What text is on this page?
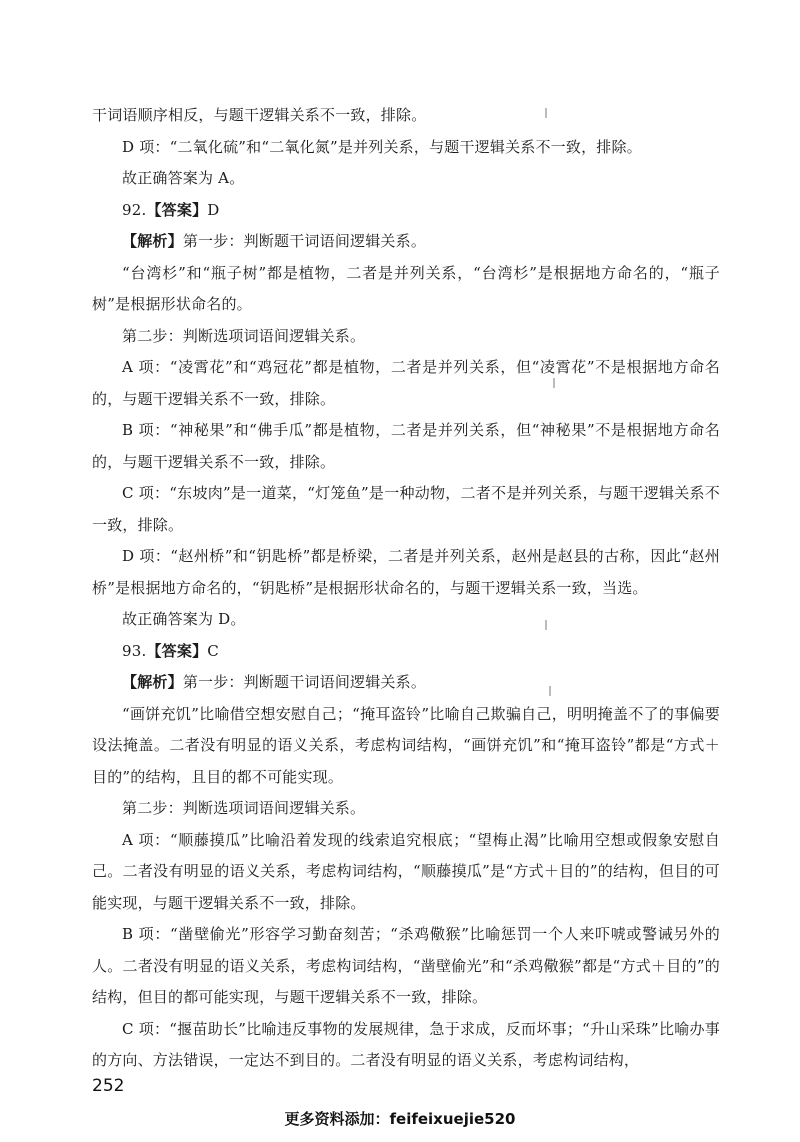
干词语顺序相反，与题干逻辑关系不一致，排除。

D 项：“二氧化硫”和“二氧化氮”是并列关系，与题干逻辑关系不一致，排除。

故正确答案为 A。

92.【答案】D

【解析】第一步：判断题干词语间逻辑关系。

“台湾杉”和“瓶子树”都是植物，二者是并列关系，“台湾杉”是根据地方命名的，“瓶子树”是根据形状命名的。

第二步：判断选项词语间逻辑关系。

A 项：“凌霄花”和“鸡冠花”都是植物，二者是并列关系，但“凌霄花”不是根据地方命名的，与题干逻辑关系不一致，排除。

B 项：“神秘果”和“佛手瓜”都是植物，二者是并列关系，但“神秘果”不是根据地方命名的，与题干逻辑关系不一致，排除。

C 项：“东坡肉”是一道菜，“灯笼鱼”是一种动物，二者不是并列关系，与题干逻辑关系不一致，排除。

D 项：“赵州桥”和“钥匙桥”都是桥梁，二者是并列关系，赵州是赵县的古称，因此“赵州桥”是根据地方命名的，“钥匙桥”是根据形状命名的，与题干逻辑关系一致，当选。

故正确答案为 D。

93.【答案】C

【解析】第一步：判断题干词语间逻辑关系。

“画饼充饥”比喻借空想安慰自己；“掩耳盗铃”比喻自己欺骗自己，明明掩盖不了的事偏要设法掩盖。二者没有明显的语义关系，考虑构词结构，“画饼充饥”和“掩耳盗铃”都是“方式＋目的”的结构，且目的都不可能实现。

第二步：判断选项词语间逻辑关系。

A 项：“顺藤摸瓜”比喻沿着发现的线索追究根底；“望梅止渴”比喻用空想或假象安慰自己。二者没有明显的语义关系，考虑构词结构，“顺藤摸瓜”是“方式＋目的”的结构，但目的可能实现，与题干逻辑关系不一致，排除。

B 项：“凿壁偷光”形容学习勤奋刻苦；“杀鸡儆猴”比喻惩罚一个人来吓唬或警诫另外的人。二者没有明显的语义关系，考虑构词结构，“凿壁偷光”和“杀鸡儆猴”都是“方式＋目的”的结构，但目的都可能实现，与题干逻辑关系不一致，排除。

C 项：“揠苗助长”比喻违反事物的发展规律，急于求成，反而坏事；“升山采珠”比喻办事的方向、方法错误，一定达不到目的。二者没有明显的语义关系，考虑构词结构，

252
更多资料添加：feifeixuejie520
